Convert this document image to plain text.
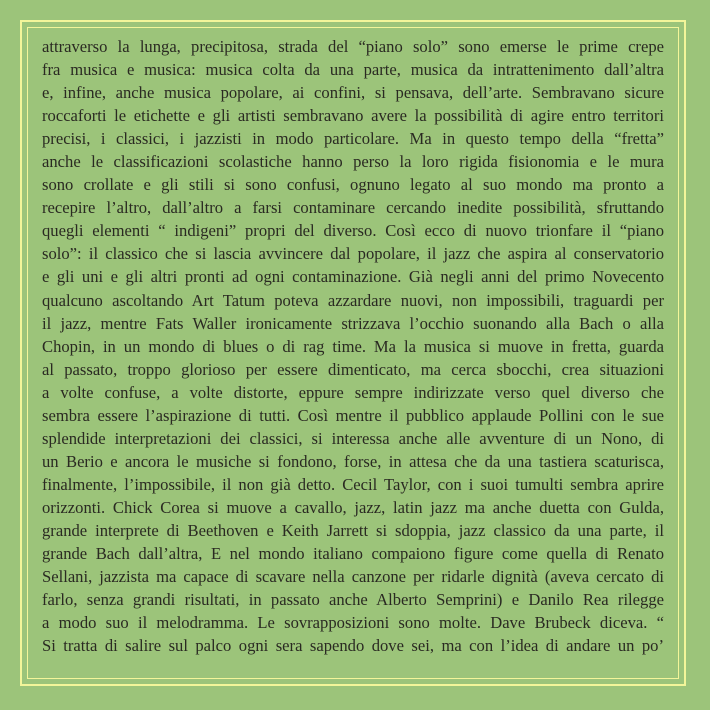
attraverso la lunga, precipitosa, strada del “piano solo” sono emerse le prime crepe
fra musica e musica: musica colta da una parte, musica da intrattenimento dall’altra
e, infine, anche musica popolare, ai confini, si pensava, dell’arte. Sembravano sicure
roccaforti le etichette e gli artisti sembravano avere la possibilità di agire entro territori
precisi, i classici, i jazzisti in modo particolare. Ma in questo tempo della “fretta”
anche le classificazioni scolastiche hanno perso la loro rigida fisionomia e le mura
sono crollate e gli stili si sono confusi, ognuno legato al suo mondo ma pronto a
recepire l’altro, dall’altro a farsi contaminare cercando inedite possibilità, sfruttando
quegli elementi “ indigeni” propri del diverso. Così ecco di nuovo trionfare il “piano
solo”: il classico che si lascia avvincere dal popolare, il jazz che aspira al conservatorio
e gli uni e gli altri pronti ad ogni contaminazione. Già negli anni del primo Novecento
qualcuno ascoltando Art Tatum poteva azzardare nuovi, non impossibili, traguardi per
il jazz, mentre Fats Waller ironicamente strizzava l’occhio suonando alla Bach o alla
Chopin, in un mondo di blues o di rag time. Ma la musica si muove in fretta, guarda
al passato, troppo glorioso per essere dimenticato, ma cerca sbocchi, crea situazioni
a volte confuse, a volte distorte, eppure sempre indirizzate verso quel diverso che
sembra essere l’aspirazione di tutti. Così mentre il pubblico applaude Pollini con le sue
splendide interpretazioni dei classici, si interessa anche alle avventure di un Nono, di
un Berio e ancora le musiche si fondono, forse, in attesa che da una tastiera scaturisca,
finalmente, l’impossibile, il non già detto. Cecil Taylor, con i suoi tumulti sembra aprire
orizzonti. Chick Corea si muove a cavallo, jazz, latin jazz ma anche duetta con Gulda,
grande interprete di Beethoven e Keith Jarrett si sdoppia, jazz classico da una parte, il
grande Bach dall’altra, E nel mondo italiano compaiono figure come quella di Renato
Sellani, jazzista ma capace di scavare nella canzone per ridarle dignità (aveva cercato di
farlo, senza grandi risultati, in passato anche Alberto Semprini) e Danilo Rea rilegge
a modo suo il melodramma. Le sovrapposizioni sono molte. Dave Brubeck diceva. “
Si tratta di salire sul palco ogni sera sapendo dove sei, ma con l’idea di andare un po’
